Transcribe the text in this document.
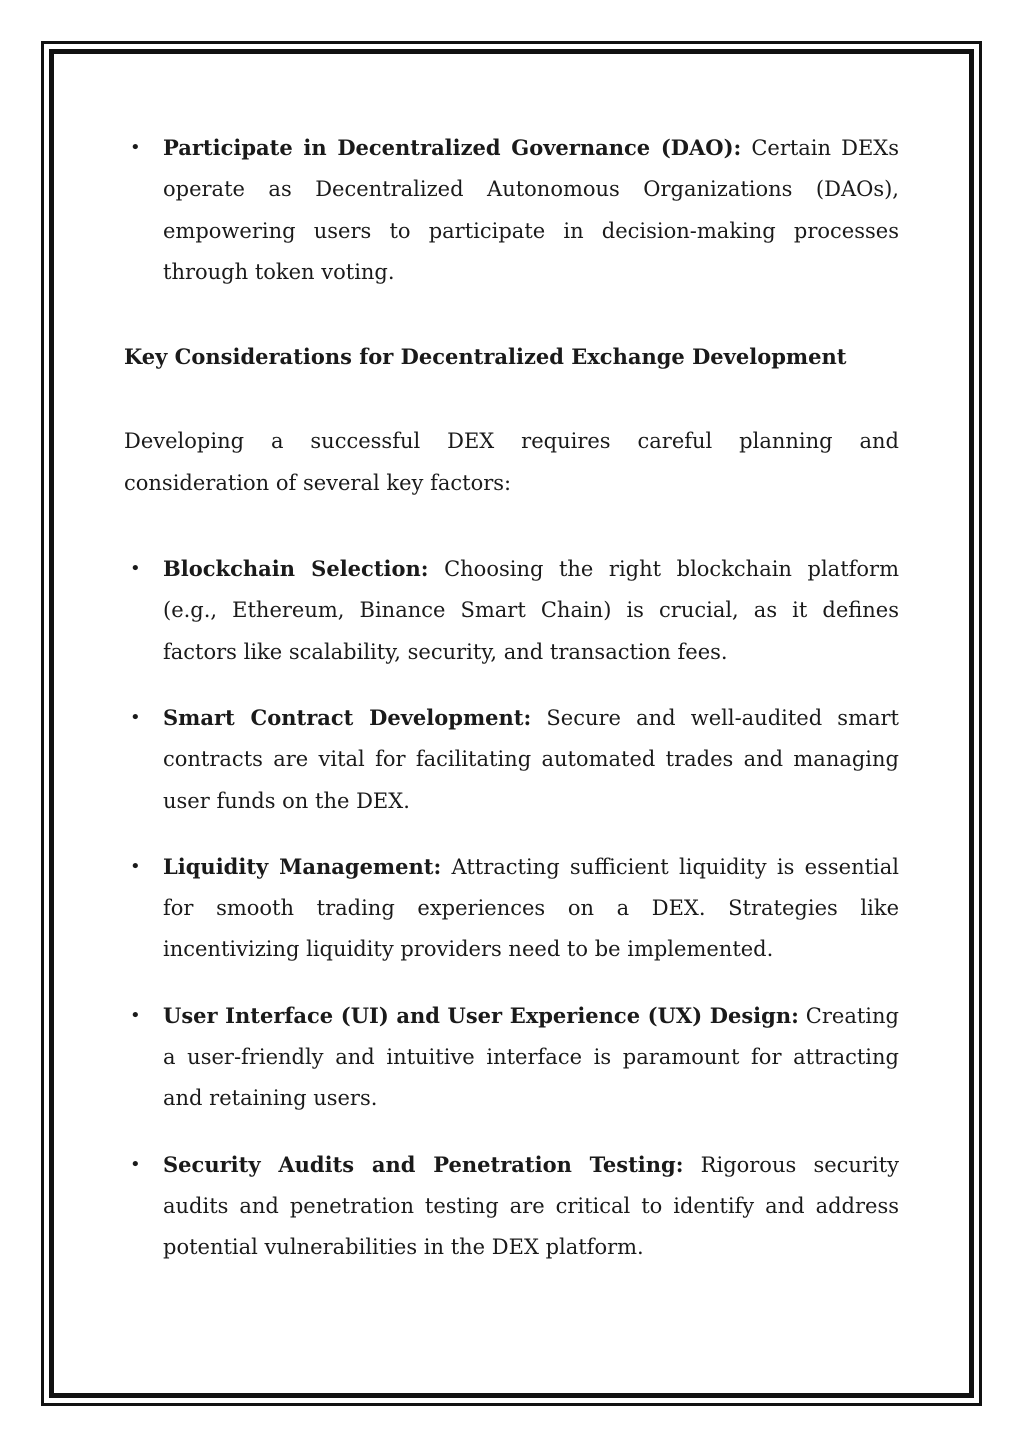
• Participate in Decentralized Governance (DAO): Certain DEXs operate as Decentralized Autonomous Organizations (DAOs), empowering users to participate in decision-making processes through token voting.

Key Considerations for Decentralized Exchange Development

Developing a successful DEX requires careful planning and consideration of several key factors:

• Blockchain Selection: Choosing the right blockchain platform (e.g., Ethereum, Binance Smart Chain) is crucial, as it defines factors like scalability, security, and transaction fees.
• Smart Contract Development: Secure and well-audited smart contracts are vital for facilitating automated trades and managing user funds on the DEX.
• Liquidity Management: Attracting sufficient liquidity is essential for smooth trading experiences on a DEX. Strategies like incentivizing liquidity providers need to be implemented.
• User Interface (UI) and User Experience (UX) Design: Creating a user-friendly and intuitive interface is paramount for attracting and retaining users.
• Security Audits and Penetration Testing: Rigorous security audits and penetration testing are critical to identify and address potential vulnerabilities in the DEX platform.
